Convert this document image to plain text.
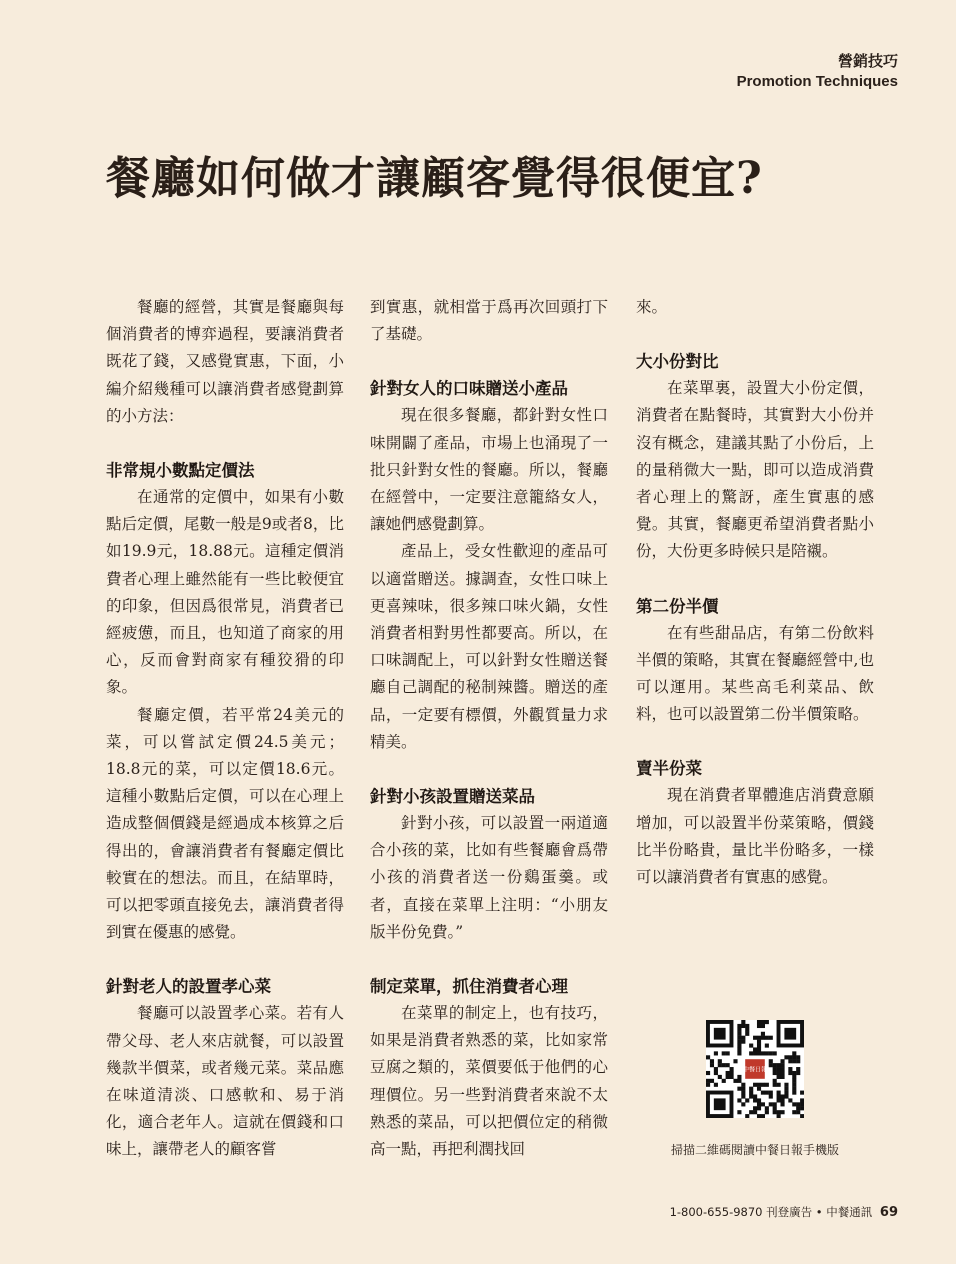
營銷技巧
Promotion Techniques
餐廳如何做才讓顧客覺得很便宜?

餐廳的經營，其實是餐廳與每個消費者的博弈過程，要讓消費者既花了錢，又感覺實惠，下面，小編介紹幾種可以讓消費者感覺劃算的小方法：

非常規小數點定價法

在通常的定價中，如果有小數點后定價，尾數一般是9或者8，比如19.9元，18.88元。這種定價消費者心理上雖然能有一些比較便宜的印象，但因爲很常見，消費者已經疲憊，而且，也知道了商家的用心，反而會對商家有種狡猾的印象。

餐廳定價，若平常24美元的菜，可以嘗試定價24.5美元；18.8元的菜，可以定價18.6元。這種小數點后定價，可以在心理上造成整個價錢是經過成本核算之后得出的，會讓消費者有餐廳定價比較實在的想法。而且，在結單時，可以把零頭直接免去，讓消費者得到實在優惠的感覺。

針對老人的設置孝心菜

餐廳可以設置孝心菜。若有人帶父母、老人來店就餐，可以設置幾款半價菜，或者幾元菜。菜品應在味道清淡、口感軟和、易于消化，適合老年人。這就在價錢和口味上，讓帶老人的顧客嘗

到實惠，就相當于爲再次回頭打下了基礎。

針對女人的口味贈送小產品

現在很多餐廳，都針對女性口味開闢了產品，市場上也涌現了一批只針對女性的餐廳。所以，餐廳在經營中，一定要注意籠絡女人，讓她們感覺劃算。

產品上，受女性歡迎的產品可以適當贈送。據調查，女性口味上更喜辣味，很多辣口味火鍋，女性消費者相對男性都要高。所以，在口味調配上，可以針對女性贈送餐廳自己調配的秘制辣醬。贈送的產品，一定要有標價，外觀質量力求精美。

針對小孩設置贈送菜品

針對小孩，可以設置一兩道適合小孩的菜，比如有些餐廳會爲帶小孩的消費者送一份鷄蛋羹。或者，直接在菜單上注明：“小朋友版半份免費。”

制定菜單，抓住消費者心理

在菜單的制定上，也有技巧，如果是消費者熟悉的菜，比如家常豆腐之類的，菜價要低于他們的心理價位。另一些對消費者來說不太熟悉的菜品，可以把價位定的稍微高一點，再把利潤找回

來。

大小份對比

在菜單裏，設置大小份定價，消費者在點餐時，其實對大小份并沒有概念，建議其點了小份后，上的量稍微大一點，即可以造成消費者心理上的驚訝，產生實惠的感覺。其實，餐廳更希望消費者點小份，大份更多時候只是陪襯。

第二份半價

在有些甜品店，有第二份飲料半價的策略，其實在餐廳經營中,也可以運用。某些高毛利菜品、飲料，也可以設置第二份半價策略。

賣半份菜

現在消費者單體進店消費意願增加，可以設置半份菜策略，價錢比半份略貴，量比半份略多，一樣可以讓消費者有實惠的感覺。

中餐日報
掃描二維碼閱讀中餐日報手機版
1-800-655-9870 刊登廣告 • 中餐通訊 69
